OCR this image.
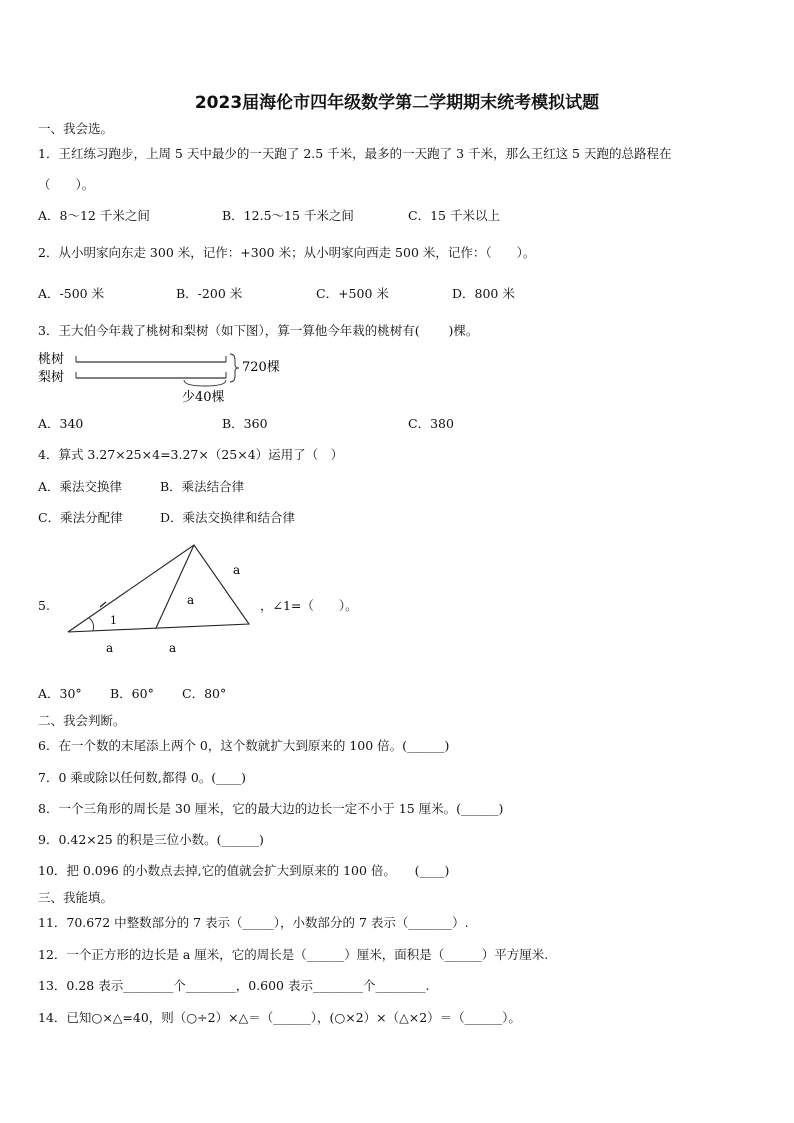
2023届海伦市四年级数学第二学期期末统考模拟试题
一、我会选。
1．王红练习跑步，上周 5 天中最少的一天跑了 2.5 千米，最多的一天跑了 3 千米，那么王红这 5 天跑的总路程在
（　　）。
A．8～12 千米之间	B．12.5～15 千米之间	C．15 千米以上
2．从小明家向东走 300 米，记作：+300 米；从小明家向西走 500 米，记作：（　　）。
A．-500 米	B．-200 米	C．+500 米	D．800 米
3．王大伯今年栽了桃树和梨树（如下图），算一算他今年栽的桃树有(　　 )棵。
桃树
梨树
720棵
少40棵
A．340	B．360	C．380
4．算式 3.27×25×4=3.27×（25×4）运用了（　）
A．乘法交换律	B．乘法结合律
C．乘法分配律	D．乘法交换律和结合律
5.
a
a
1
a	a
，∠1=（　　）。
A．30° B．60° C．80°
二、我会判断。
6．在一个数的末尾添上两个 0，这个数就扩大到原来的 100 倍。(______)
7．0 乘或除以任何数,都得 0。(____)
8．一个三角形的周长是 30 厘米，它的最大边的边长一定不小于 15 厘米。(______)
9．0.42×25 的积是三位小数。(______)
10．把 0.096 的小数点去掉,它的值就会扩大到原来的 100 倍。　　(____)
三、我能填。
11．70.672 中整数部分的 7 表示（_____），小数部分的 7 表示（_______）.
12．一个正方形的边长是 a 厘米，它的周长是（______）厘米，面积是（______）平方厘米.
13．0.28 表示________个________，0.600 表示________个________.
14．已知○×△=40，则（○÷2）×△＝（______），(○×2）×（△×2）＝（______）。
